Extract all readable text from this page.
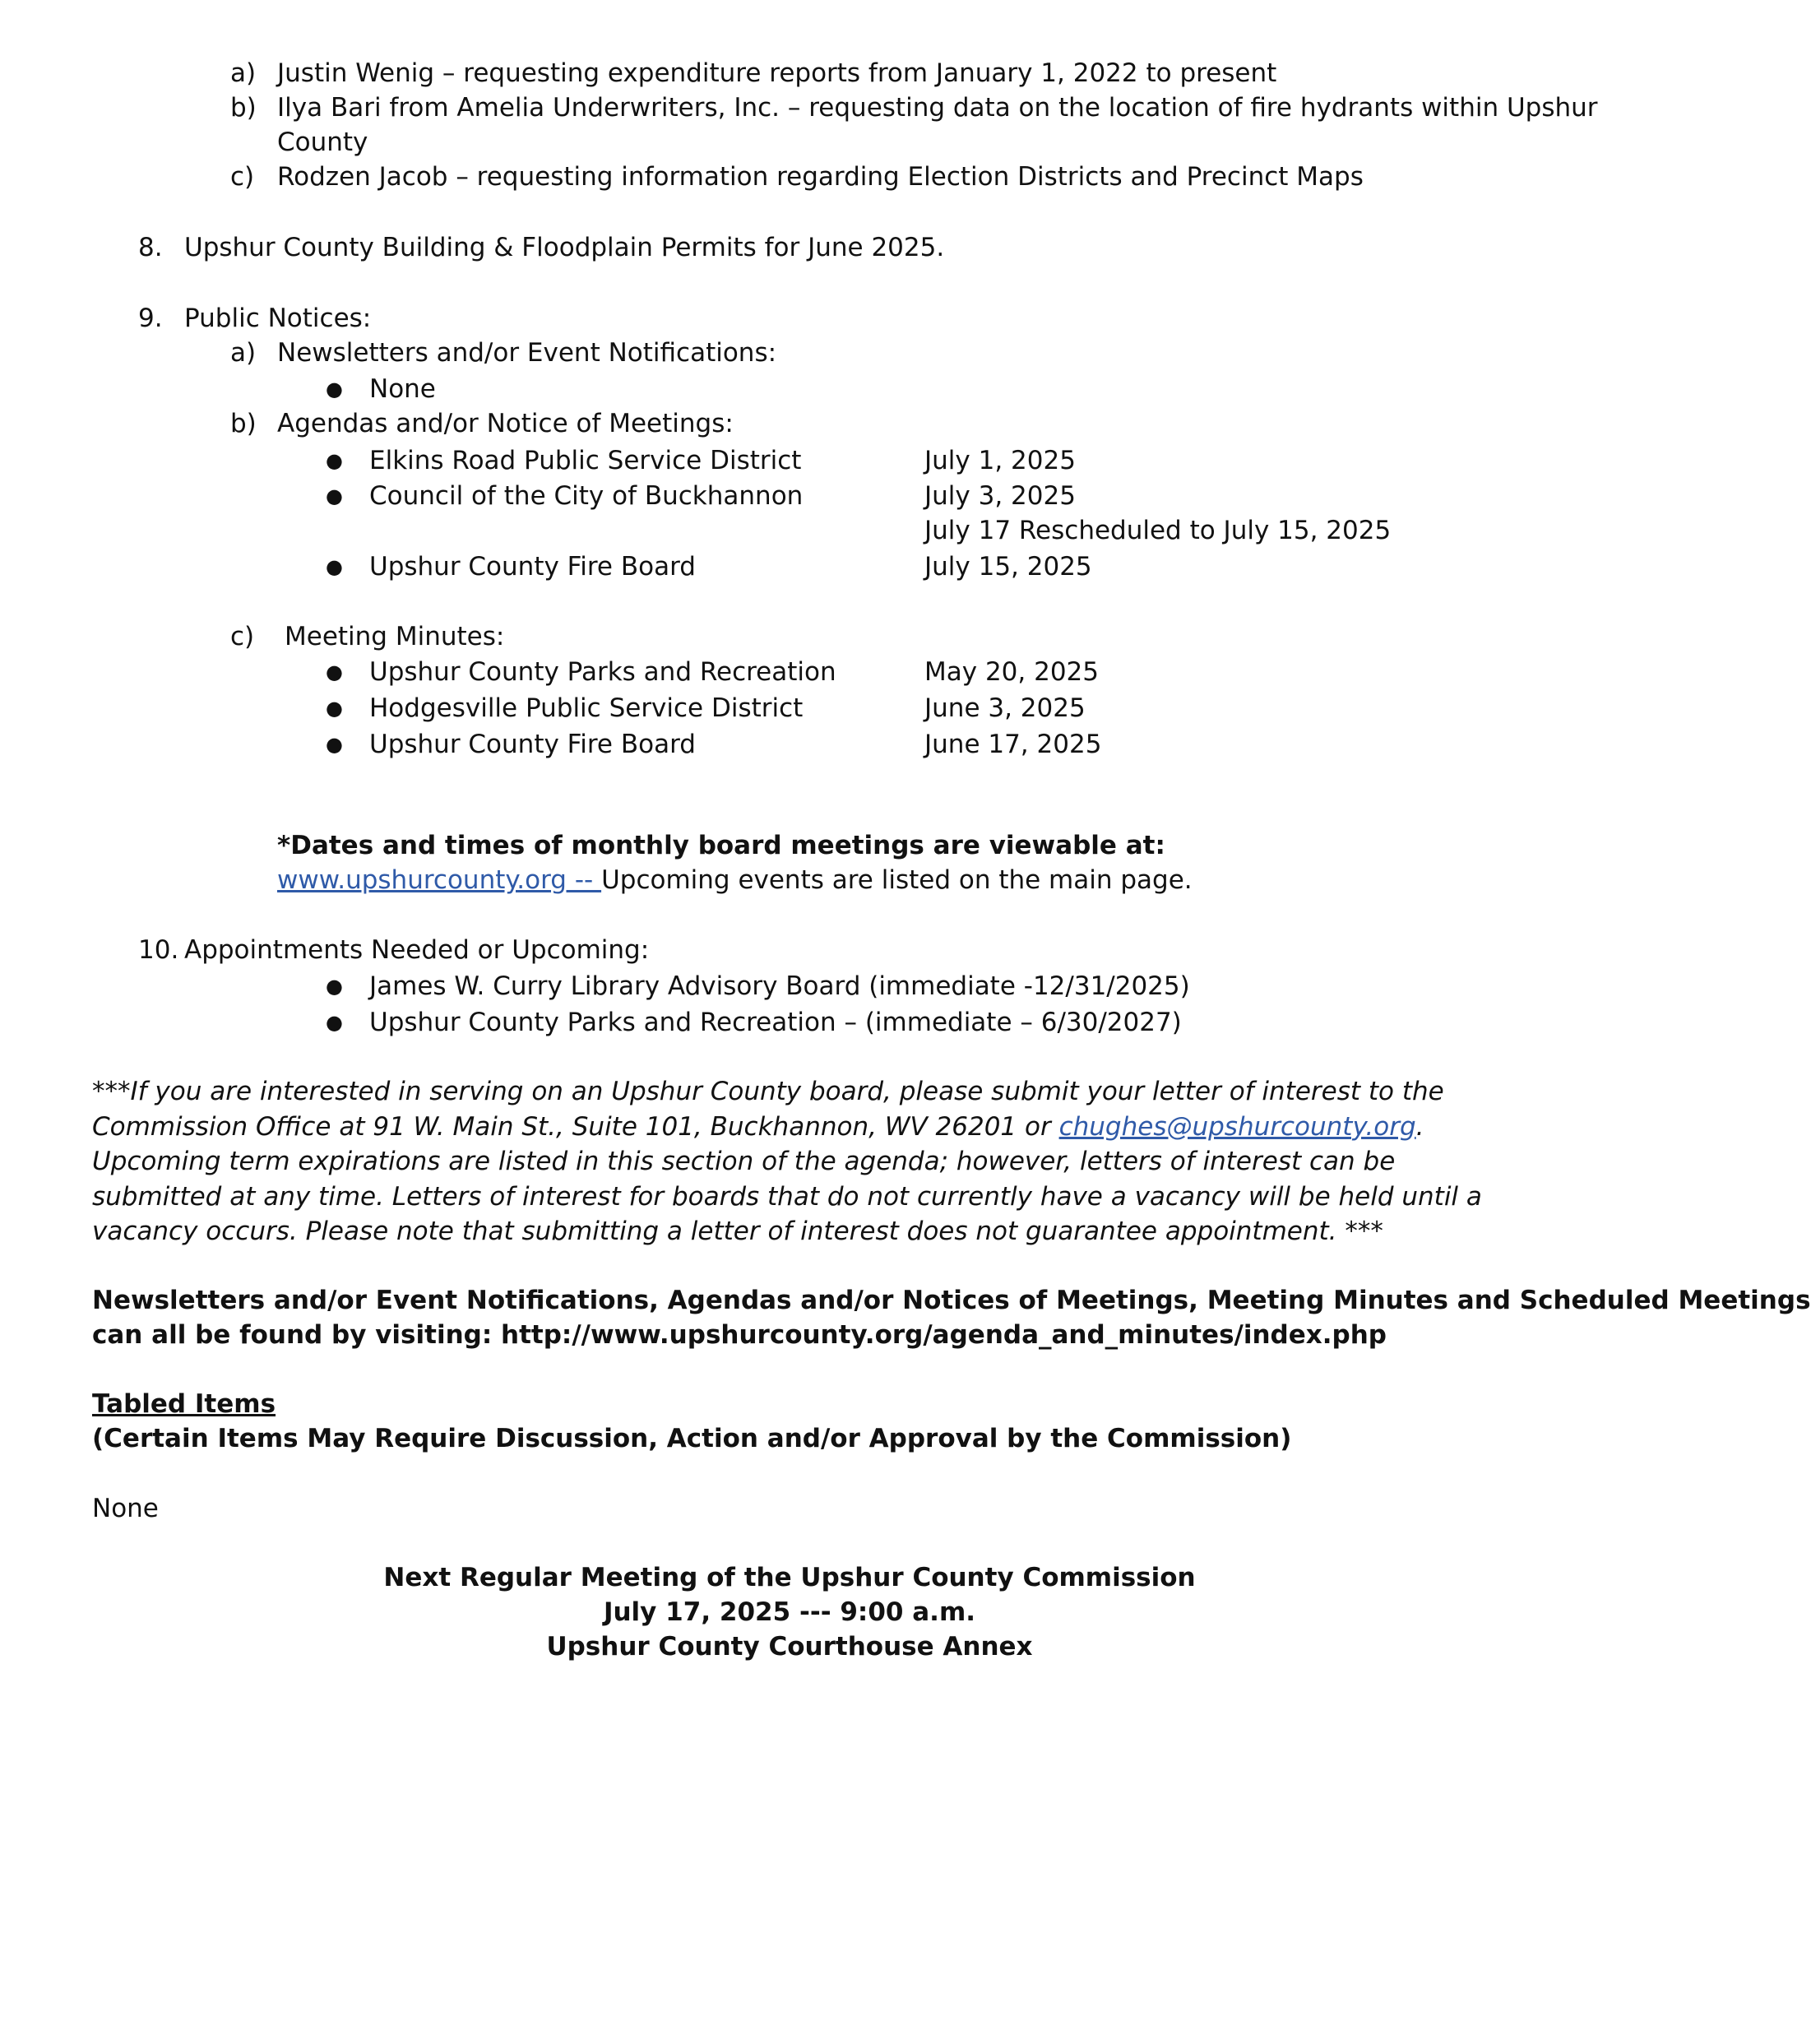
a) Justin Wenig – requesting expenditure reports from January 1, 2022 to present
b) Ilya Bari from Amelia Underwriters, Inc. – requesting data on the location of fire hydrants within Upshur
County
c) Rodzen Jacob – requesting information regarding Election Districts and Precinct Maps
8. Upshur County Building & Floodplain Permits for June 2025.
9. Public Notices:
a) Newsletters and/or Event Notifications:
● None
b) Agendas and/or Notice of Meetings:
● Elkins Road Public Service District	July 1, 2025
● Council of the City of Buckhannon	July 3, 2025
July 17 Rescheduled to July 15, 2025
● Upshur County Fire Board	July 15, 2025
c) Meeting Minutes:
● Upshur County Parks and Recreation	May 20, 2025
● Hodgesville Public Service District	June 3, 2025
● Upshur County Fire Board	June 17, 2025
*Dates and times of monthly board meetings are viewable at:
www.upshurcounty.org -- Upcoming events are listed on the main page.
10. Appointments Needed or Upcoming:
● James W. Curry Library Advisory Board (immediate -12/31/2025)
● Upshur County Parks and Recreation – (immediate – 6/30/2027)
***If you are interested in serving on an Upshur County board, please submit your letter of interest to the Commission Office at 91 W. Main St., Suite 101, Buckhannon, WV 26201 or chughes@upshurcounty.org. Upcoming term expirations are listed in this section of the agenda; however, letters of interest can be submitted at any time. Letters of interest for boards that do not currently have a vacancy will be held until a vacancy occurs. Please note that submitting a letter of interest does not guarantee appointment. ***
Newsletters and/or Event Notifications, Agendas and/or Notices of Meetings, Meeting Minutes and Scheduled Meetings
can all be found by visiting: http://www.upshurcounty.org/agenda_and_minutes/index.php
Tabled Items
(Certain Items May Require Discussion, Action and/or Approval by the Commission)
None
Next Regular Meeting of the Upshur County Commission
July 17, 2025 --- 9:00 a.m.
Upshur County Courthouse Annex
